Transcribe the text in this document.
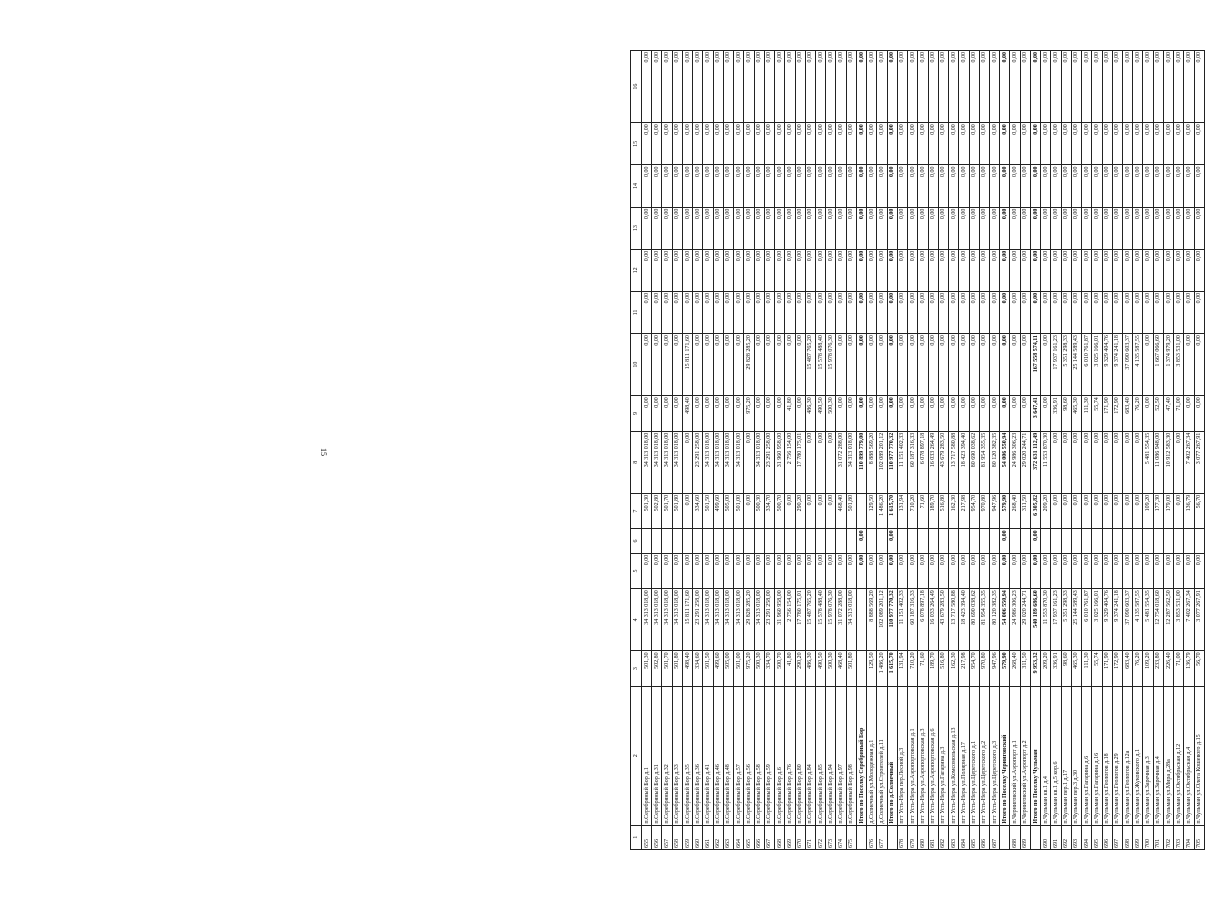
15
1	2	3	4	5	6	7	8	9	10	11	12	13	14	15	16
655	п.Серебряный Бор д.1	501,30	34 313 018,00	0,00		501,30	34 313 018,00	0,00	0,00	0,00	0,00	0,00	0,00	0,00	0,00
656	п.Серебряный Бор д.31	502,80	34 313 018,00	0,00		502,80	34 313 018,00	0,00	0,00	0,00	0,00	0,00	0,00	0,00	0,00
657	п.Серебряный Бор д.32	501,70	34 313 018,00	0,00		501,70	34 313 018,00	0,00	0,00	0,00	0,00	0,00	0,00	0,00	0,00
658	п.Серебряный Бор д.33	501,80	34 313 018,00	0,00		501,80	34 313 018,00	0,00	0,00	0,00	0,00	0,00	0,00	0,00	0,00
659	п.Серебряный Бор д.35	498,40	15 811 171,60	0,00		0,00	0,00	498,40	15 811 171,60	0,00	0,00	0,00	0,00	0,00	0,00
660	п.Серебряный Бор д.36	334,60	23 291 258,00	0,00		334,60	23 291 258,00	0,00	0,00	0,00	0,00	0,00	0,00	0,00	0,00
661	п.Серебряный Бор д.41	501,50	34 313 018,00	0,00		501,50	34 313 018,00	0,00	0,00	0,00	0,00	0,00	0,00	0,00	0,00
662	п.Серебряный Бор д.46	499,60	34 313 018,00	0,00		499,60	34 313 018,00	0,00	0,00	0,00	0,00	0,00	0,00	0,00	0,00
663	п.Серебряный Бор д.48	505,00	34 313 018,00	0,00		505,00	34 313 018,00	0,00	0,00	0,00	0,00	0,00	0,00	0,00	0,00
664	п.Серебряный Бор д.57	501,00	34 313 018,00	0,00		501,00	34 313 018,00	0,00	0,00	0,00	0,00	0,00	0,00	0,00	0,00
665	п.Серебряный Бор д.56	975,20	29 828 285,20	0,00		0,00	0,00	975,20	29 828 285,20	0,00	0,00	0,00	0,00	0,00	0,00
666	п.Серебряный Бор д.58	500,30	34 313 018,00	0,00		500,30	34 313 018,00	0,00	0,00	0,00	0,00	0,00	0,00	0,00	0,00
667	п.Серебряный Бор д.59	334,70	23 291 258,00	0,00		334,70	23 291 258,00	0,00	0,00	0,00	0,00	0,00	0,00	0,00	0,00
668	п.Серебряный Бор д.6	500,70	31 960 958,00	0,00		500,70	31 960 958,00	0,00	0,00	0,00	0,00	0,00	0,00	0,00	0,00
669	п.Серебряный Бор д.76	41,80	2 756 154,00	0,00		0,00	2 756 154,00	41,80	0,00	0,00	0,00	0,00	0,00	0,00	0,00
670	п.Серебряный Бор д.80	290,20	17 780 175,01	0,00		290,20	17 780 175,01	0,00	0,00	0,00	0,00	0,00	0,00	0,00	0,00
671	п.Серебряный Бор д.84	486,30	15 487 765,20	0,00		0,00	0,00	486,30	15 487 765,20	0,00	0,00	0,00	0,00	0,00	0,00
672	п.Серебряный Бор д.85	490,50	15 578 488,40	0,00		0,00	0,00	490,50	15 578 488,40	0,00	0,00	0,00	0,00	0,00	0,00
673	п.Серебряный Бор д.94	500,30	15 978 076,30	0,00		0,00	0,00	500,30	15 978 076,30	0,00	0,00	0,00	0,00	0,00	0,00
674	п.Серебряный Бор д.97	468,40	31 072 288,00	0,00		468,40	31 072 288,00	0,00	0,00	0,00	0,00	0,00	0,00	0,00	0,00
675	п.Серебряный Бор д.98	501,80	34 313 018,00	0,00		501,80	34 313 018,00	0,00	0,00	0,00	0,00	0,00	0,00	0,00	0,00
	Итого по Поселку Серебряный Бор			0,00	0,00		110 899 779,00	0,00	0,00	0,00	0,00	0,00	0,00	0,00	0,00
676	д.Солнечный ул.Молодежная д.1	129,50	8 888 569,20	0,00		129,50	8 888 569,20	0,00	0,00	0,00	0,00	0,00	0,00	0,00	0,00
677	д.Солнечный ул.Строителей д.11	1 486,20	102 089 201,12	0,00		1 486,20	102 089 201,12	0,00	0,00	0,00	0,00	0,00	0,00	0,00	0,00
	Итого по д.Солнечный	1 615,70	110 977 770,32	0,00	0,00	1 615,70	110 977 770,32	0,00	0,00	0,00	0,00	0,00	0,00	0,00	0,00
678	пгт Усть-Нера пер.Лесной д.3	131,94	11 151 402,33	0,00		131,94	11 151 402,33	0,00	0,00	0,00	0,00	0,00	0,00	0,00	0,00
679	пгт Усть-Нера ул.Аэропортовская д.1	710,20	60 187 316,33	0,00		710,20	60 187 316,33	0,00	0,00	0,00	0,00	0,00	0,00	0,00	0,00
680	пгт Усть-Нера ул.Аэропортовская д.3	71,60	6 078 897,18	0,00		71,60	6 078 897,18	0,00	0,00	0,00	0,00	0,00	0,00	0,00	0,00
681	пгт Усть-Нера ул.Аэропортовская д.6	189,70	16 033 264,49	0,00		189,70	16 033 264,49	0,00	0,00	0,00	0,00	0,00	0,00	0,00	0,00
682	пгт Усть-Нера ул.Гагарина д.3	516,80	43 679 283,50	0,00		516,80	43 679 283,50	0,00	0,00	0,00	0,00	0,00	0,00	0,00	0,00
683	пгт Усть-Нера ул.Комсомольская д.13	162,30	13 717 580,88	0,00		162,30	13 717 580,88	0,00	0,00	0,00	0,00	0,00	0,00	0,00	0,00
684	пгт Усть-Нера ул.Полярная д.17	217,98	18 423 394,40	0,00		217,98	18 423 394,40	0,00	0,00	0,00	0,00	0,00	0,00	0,00	0,00
685	пгт Усть-Нера ул.Церетского д.1	954,70	80 690 038,62	0,00		954,70	80 690 038,62	0,00	0,00	0,00	0,00	0,00	0,00	0,00	0,00
686	пгт Усть-Нера ул.Церетского д.2	970,80	81 954 355,35	0,00		970,80	81 954 355,35	0,00	0,00	0,00	0,00	0,00	0,00	0,00	0,00
687	пгт Усть-Нера ул.Церетского д.3	947,96	80 120 382,35	0,00		947,96	80 120 382,35	0,00	0,00	0,00	0,00	0,00	0,00	0,00	0,00
	Итого по Поселку Черниговский	579,90	54 006 550,94	0,00	0,00	579,90	54 006 550,94	0,00	0,00	0,00	0,00	0,00	0,00	0,00	0,00
688	п.Черниговский ул.Аэропорт д.1	268,40	24 986 306,23	0,00		268,40	24 986 306,23	0,00	0,00	0,00	0,00	0,00	0,00	0,00	0,00
689	п.Черниговский ул.Аэропорт д.2	311,50	29 020 244,71	0,00		311,50	29 020 244,71	0,00	0,00	0,00	0,00	0,00	0,00	0,00	0,00
	Итого по Поселку Чульман	9 953,32	540 189 686,60	0,00	0,00	6 305,82	372 631 112,49	3 647,41	167 558 574,11	0,00	0,00	0,00	0,00	0,00	0,00
690	п.Чульман кв.1 д.4	209,20	11 553 870,30	0,00		209,20	11 553 870,30	0,00	0,00	0,00	0,00	0,00	0,00	0,00	0,00
691	п.Чульман кв.1 д.5 кор.6	336,91	17 937 161,23	0,00		0,00	0,00	336,91	17 937 161,23	0,00	0,00	0,00	0,00	0,00	0,00
692	п.Чульман пер.1 д.17	98,60	5 351 298,33	0,00		0,00	0,00	98,60	5 351 298,33	0,00	0,00	0,00	0,00	0,00	0,00
693	п.Чульман пер.3 д.30	465,30	25 144 589,43	0,00		0,00	0,00	465,30	25 144 589,43	0,00	0,00	0,00	0,00	0,00	0,00
694	п.Чульман ул.Гагарина д.6	111,30	6 010 761,87	0,00		0,00	0,00	111,30	6 010 761,87	0,00	0,00	0,00	0,00	0,00	0,00
695	п.Чульман ул.Гагарина д.16	55,74	3 025 166,01	0,00		0,00	0,00	55,74	3 025 166,01	0,00	0,00	0,00	0,00	0,00	0,00
696	п.Чульман ул.Геологов д.18	171,90	9 329 404,76	0,00		0,00	0,00	171,90	9 329 404,76	0,00	0,00	0,00	0,00	0,00	0,00
697	п.Чульман ул.Геологов д.29	172,90	9 374 241,18	0,00		0,00	0,00	172,90	9 374 241,18	0,00	0,00	0,00	0,00	0,00	0,00
698	п.Чульман ул.Геологов д.12а	683,40	37 090 603,37	0,00		0,00	0,00	683,40	37 090 603,37	0,00	0,00	0,00	0,00	0,00	0,00
699	п.Чульман ул.Жуковского д.1	76,20	4 135 587,55	0,00		0,00	0,00	76,20	4 135 587,55	0,00	0,00	0,00	0,00	0,00	0,00
700	п.Чульман ул.Заречная д.3	109,20	5 481 554,35	0,00		109,20	5 481 554,35	0,00	0,00	0,00	0,00	0,00	0,00	0,00	0,00
701	п.Чульман ул.Заречная д.4	233,80	12 754 018,60	0,00		177,30	11 086 948,00	52,50	1 667 066,60	0,00	0,00	0,00	0,00	0,00	0,00
702	п.Чульман ул.Мира д.28а	226,40	12 287 562,50	0,00		179,00	10 912 583,30	47,40	1 374 979,20	0,00	0,00	0,00	0,00	0,00	0,00
703	п.Чульман ул.Октябрьская д.12	71,00	3 853 531,00	0,00		0,00	0,00	71,00	3 853 531,00	0,00	0,00	0,00	0,00	0,00	0,00
704	п.Чульман ул.Октябрьская д.4	136,79	7 402 267,34	0,00		136,79	7 402 267,34	0,00	0,00	0,00	0,00	0,00	0,00	0,00	0,00
705	п.Чульман ул.Олега Кошевого д.15	56,70	3 077 267,91	0,00		56,70	3 077 267,91	0,00	0,00	0,00	0,00	0,00	0,00	0,00	0,00
